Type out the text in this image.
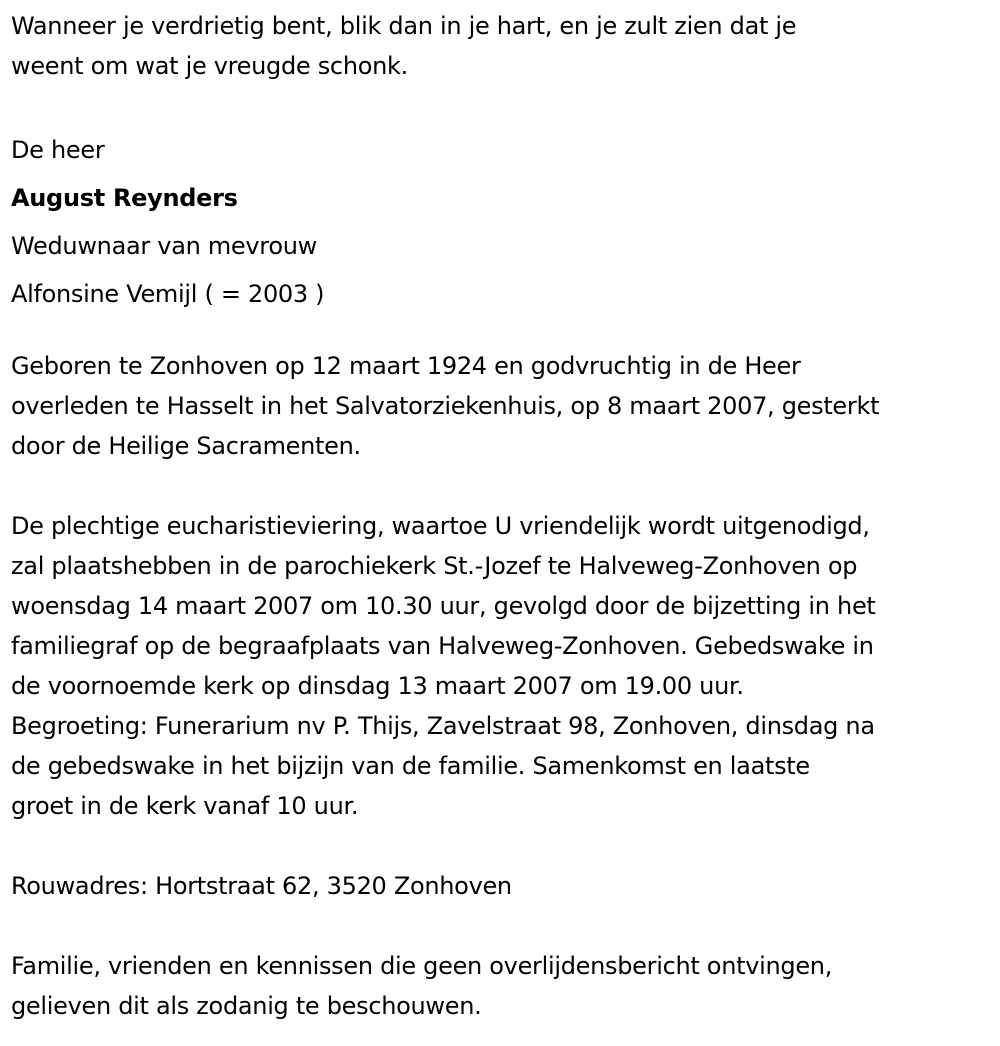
Wanneer je verdrietig bent, blik dan in je hart, en je zult zien dat je
weent om wat je vreugde schonk.

De heer

August Reynders

Weduwnaar van mevrouw

Alfonsine Vemijl ( = 2003 )

Geboren te Zonhoven op 12 maart 1924 en godvruchtig in de Heer
overleden te Hasselt in het Salvatorziekenhuis, op 8 maart 2007, gesterkt
door de Heilige Sacramenten.

De plechtige eucharistieviering, waartoe U vriendelijk wordt uitgenodigd,
zal plaatshebben in de parochiekerk St.-Jozef te Halveweg-Zonhoven op
woensdag 14 maart 2007 om 10.30 uur, gevolgd door de bijzetting in het
familiegraf op de begraafplaats van Halveweg-Zonhoven. Gebedswake in
de voornoemde kerk op dinsdag 13 maart 2007 om 19.00 uur.
Begroeting: Funerarium nv P. Thijs, Zavelstraat 98, Zonhoven, dinsdag na
de gebedswake in het bijzijn van de familie. Samenkomst en laatste
groet in de kerk vanaf 10 uur.

Rouwadres: Hortstraat 62, 3520 Zonhoven

Familie, vrienden en kennissen die geen overlijdensbericht ontvingen,
gelieven dit als zodanig te beschouwen.
